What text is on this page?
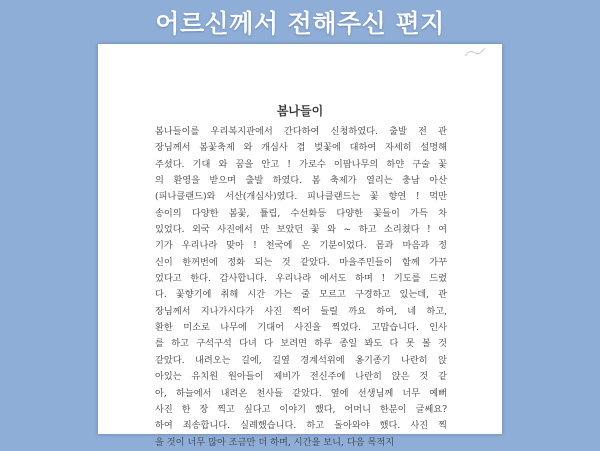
어르신께서 전해주신 편지
봄나들이
봄나들이를 우리복지관에서 간다하여 신청하였다. 출발 전 관
장님께서 봄꽃축제 와 개심사 겹 벚꽃에 대하여 자세히 설명해
주셨다. 기대 와 꿈을 안고 ! 가로수 이팝나무의 하얀 구술 꽃
의 환영을 받으며 출발 하였다. 봄 축제가 열리는 충남 아산
(피나클랜드)와 서산(개심사)였다. 피나클랜드는 꽃 향연 ! 먹만
송이의 다양한 봄꽃, 튤립, 수선화등 다양한 꽃들이 가득 차
있었다. 외국 사진에서 만 보았던 꽃 와 ~ 하고 소리쳤다 ! 여
기가 우리나라 맞아 ! 천국에 온 기분이었다. 몸과 마음과 정
신이 한꺼번에 정화 되는 것 같았다. 마을주민들이 함께 가꾸
었다고 한다. 감사합니다. 우리나라 에서도 하며 ! 기도를 드렸
다. 꽃향기에 취해 시간 가는 줄 모르고 구경하고 있는데, 관
장님께서 지나가시다가 사진 찍어 들릴 까요 하여, 네 하고,
환한 미소로 나무에 기대어 사진을 찍었다. 고맙습니다. 인사
를 하고 구석구석 다녀 다 보려면 하루 종일 봐도 다 못 볼 것
같았다. 내려오는 길에, 길옆 경계석위에 옹기종기 나란히 앉
아있는 유치원 원아들이 제비가 전신주에 나란히 앉은 것 같
아, 하늘에서 내려온 천사들 같았다. 옆에 선생님께 너무 예뻐
사진 한 장 찍고 싶다고 이야기 했다, 어머니 한분이 글쎄요?
하여 죄송합니다. 실례했습니다. 하고 돌아와야 했다. 사진 찍
을 것이 너무 많아 조금만 더 하며, 시간을 보니, 다음 목적지
